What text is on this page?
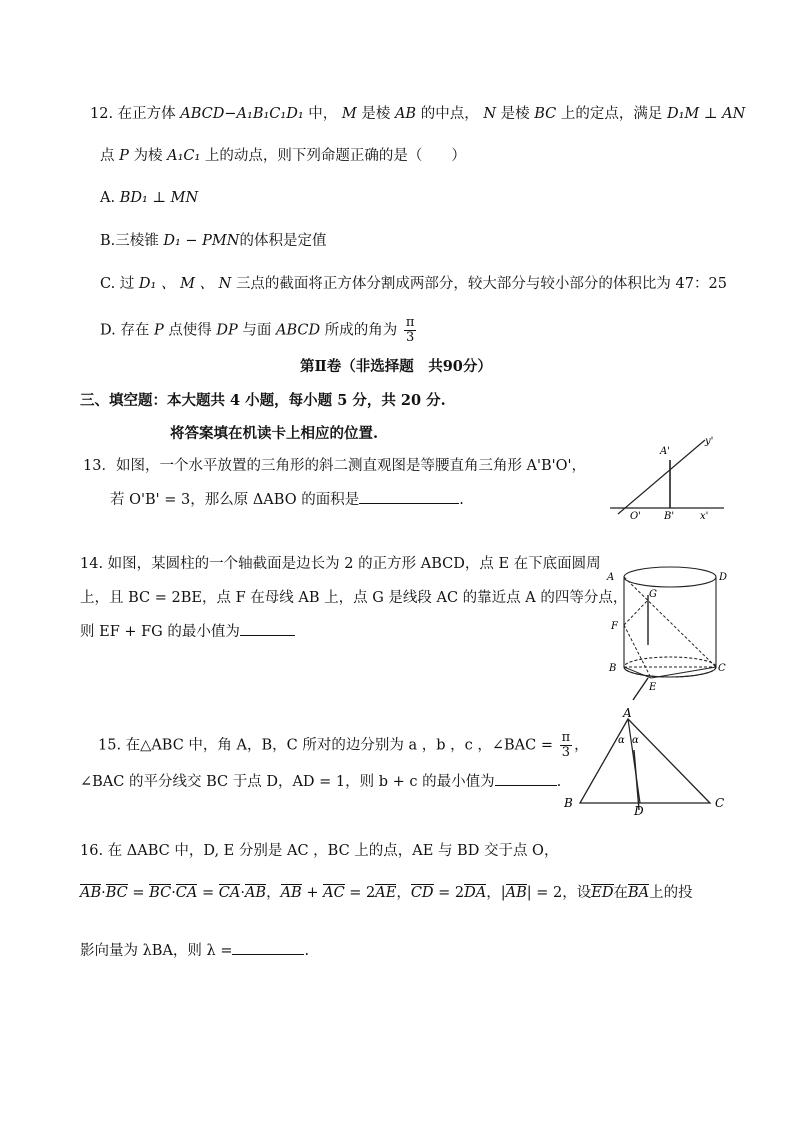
12. 在正方体 ABCD−A₁B₁C₁D₁ 中， M 是棱 AB 的中点， N 是棱 BC 上的定点，满足 D₁M ⊥ AN
点 P 为棱 A₁C₁ 上的动点，则下列命题正确的是（　　）
A. BD₁ ⊥ MN
B.三棱锥 D₁ − PMN的体积是定值
C. 过 D₁ 、 M 、 N 三点的截面将正方体分割成两部分，较大部分与较小部分的体积比为 47：25
D. 存在 P 点使得 DP 与面 ABCD 所成的角为 $\frac{\pi}{3}$
第Ⅱ卷（非选择题　共90分）
三、填空题：本大题共 4 小题，每小题 5 分，共 20 分.
将答案填在机读卡上相应的位置.
13．如图，一个水平放置的三角形的斜二测直观图是等腰直角三角形 A'B'O'，
若 O'B' = 3，那么原 ΔABO 的面积是	.
A'
y'
O' B'	x'
14. 如图，某圆柱的一个轴截面是边长为 2 的正方形 ABCD，点 E 在下底面圆周
上，且 BC = 2BE，点 F 在母线 AB 上，点 G 是线段 AC 的靠近点 A 的四等分点，
则 EF + FG 的最小值为
A	D
G
F
B	C
E
15. 在△ABC 中，角 A，B，C 所对的边分别为 a ，b ，c ，∠BAC = $\frac{\pi}{3}$ ，
∠BAC 的平分线交 BC 于点 D，AD = 1，则 b + c 的最小值为	.
A
α α
B
D
C
16. 在 ΔABC 中，D, E 分别是 AC ，BC 上的点，AE 与 BD 交于点 O，
AB·BC = BC·CA = CA·AB，AB + AC = 2AE，CD = 2DA，|AB| = 2，设ED在BA上的投
影向量为 λBA，则 λ =	.
